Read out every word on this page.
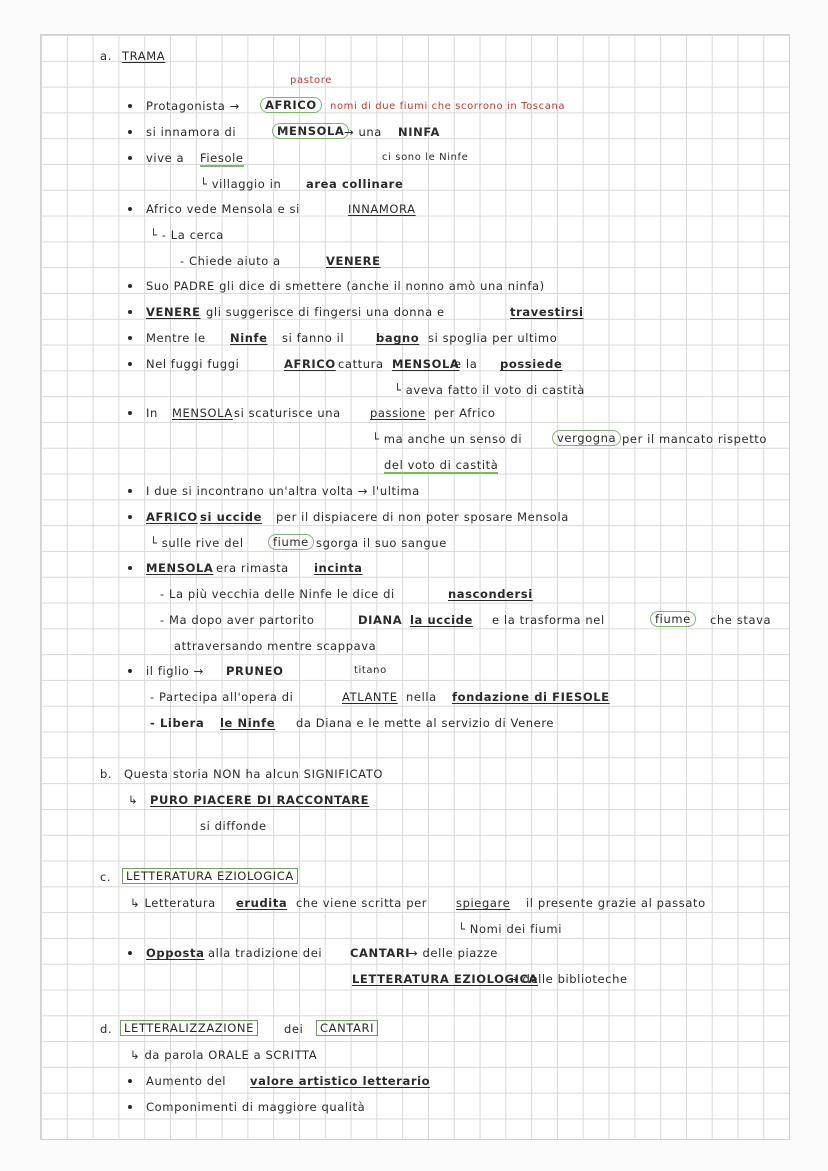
a. TRAMA
pastore
Protagonista →	AFRICO	nomi di due fiumi che scorrono in Toscana
si innamora di	MENSOLA → una NINFA
vive a Fiesole	ci sono le Ninfe
└ villaggio in area collinare
Africo vede Mensola e si	INNAMORA
└ - La cerca
- Chiede aiuto a	VENERE
Suo PADRE gli dice di smettere (anche il nonno amò una ninfa)
VENERE gli suggerisce di fingersi una donna e	travestirsi
Mentre le Ninfe si fanno il	bagno si spoglia per ultimo
Nel fuggi fuggi	AFRICO cattura MENSOLA
e la possiede
└ aveva fatto il voto di castità
In MENSOLA si scaturisce una	passione per Africo
└ ma anche un senso di	vergogna per il mancato rispetto
del voto di castità
I due si incontrano un'altra volta → l'ultima
AFRICO si uccide per il dispiacere di non poter sposare Mensola
└ sulle rive del	fiume sgorga il suo sangue
MENSOLA era rimasta incinta
- La più vecchia delle Ninfe le dice di	nascondersi
- Ma dopo aver partorito	DIANA la uccide e la trasforma nel	fiume	che stava
attraversando mentre scappava
titano
il figlio → PRUNEO
- Partecipa all'opera di	ATLANTE nella fondazione di FIESOLE
- Libera le Ninfe da Diana e le mette al servizio di Venere
b. Questa storia NON ha alcun SIGNIFICATO
↳ PURO PIACERE DI RACCONTARE
si diffonde
c.	LETTERATURA EZIOLOGICA
↳ Letteratura erudita che viene scritta per	spiegare il presente grazie al passato
└ Nomi dei fiumi
Opposta alla tradizione dei CANTARI
→ delle piazze
LETTERATURA EZIOLOGICA
→ delle biblioteche
d.	LETTERALIZZAZIONE	dei	CANTARI
↳ da parola ORALE a SCRITTA
Aumento del valore artistico letterario
Componimenti di maggiore qualità
